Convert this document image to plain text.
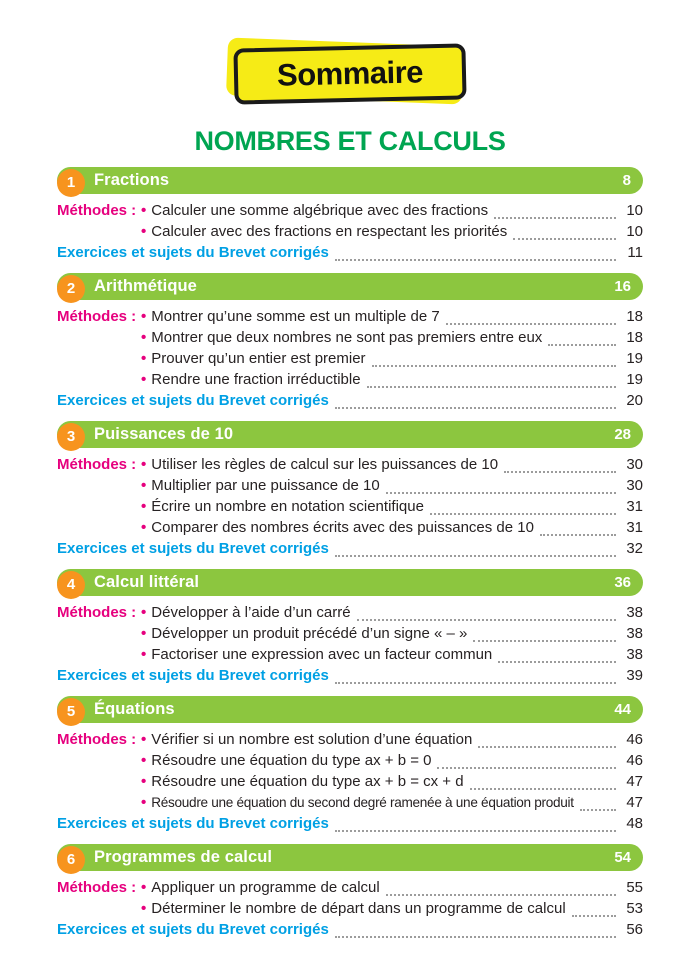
Sommaire
NOMBRES ET CALCULS
1 Fractions	8
Méthodes : • Calculer une somme algébrique avec des fractions	10
• Calculer avec des fractions en respectant les priorités	10
Exercices et sujets du Brevet corrigés	11
2 Arithmétique	16
Méthodes : • Montrer qu’une somme est un multiple de 7	18
• Montrer que deux nombres ne sont pas premiers entre eux	18
• Prouver qu’un entier est premier	19
• Rendre une fraction irréductible	19
Exercices et sujets du Brevet corrigés	20
3 Puissances de 10	28
Méthodes : • Utiliser les règles de calcul sur les puissances de 10	30
• Multiplier par une puissance de 10	30
• Écrire un nombre en notation scientifique	31
• Comparer des nombres écrits avec des puissances de 10	31
Exercices et sujets du Brevet corrigés	32
4 Calcul littéral	36
Méthodes : • Développer à l’aide d’un carré	38
• Développer un produit précédé d’un signe « – »	38
• Factoriser une expression avec un facteur commun	38
Exercices et sujets du Brevet corrigés	39
5 Équations	44
Méthodes : • Vérifier si un nombre est solution d’une équation	46
• Résoudre une équation du type ax + b = 0	46
• Résoudre une équation du type ax + b = cx + d	47
• Résoudre une équation du second degré ramenée à une équation produit	47
Exercices et sujets du Brevet corrigés	48
6 Programmes de calcul	54
Méthodes : • Appliquer un programme de calcul	55
• Déterminer le nombre de départ dans un programme de calcul	53
Exercices et sujets du Brevet corrigés	56
